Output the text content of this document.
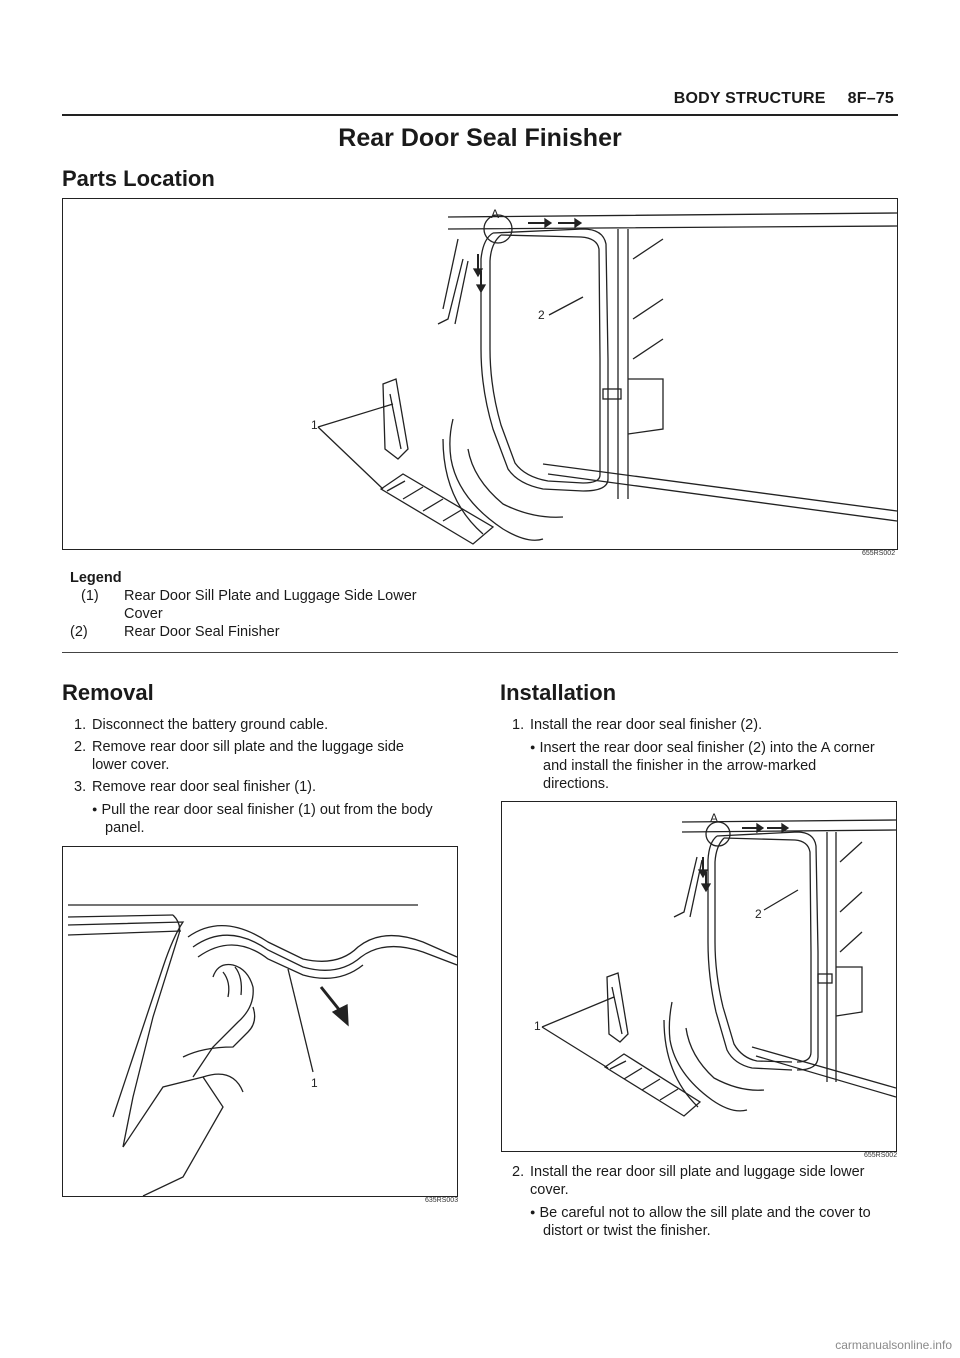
BODY STRUCTURE 8F–75
Rear Door Seal Finisher
Parts Location
A
1
2
655RS002
Legend
(1) Rear Door Sill Plate and Luggage Side Lower
Cover
(2)	Rear Door Seal Finisher
Removal
1. Disconnect the battery ground cable.
2. Remove rear door sill plate and the luggage side
lower cover.
3. Remove rear door seal finisher (1).
● Pull the rear door seal finisher (1) out from the body
panel.
1
635RS003
Installation
1. Install the rear door seal finisher (2).
● Insert the rear door seal finisher (2) into the A corner
and install the finisher in the arrow-marked
directions.
A
1
2
655RS002
2. Install the rear door sill plate and luggage side lower
cover.
● Be careful not to allow the sill plate and the cover to
distort or twist the finisher.
carmanualsonline.info
